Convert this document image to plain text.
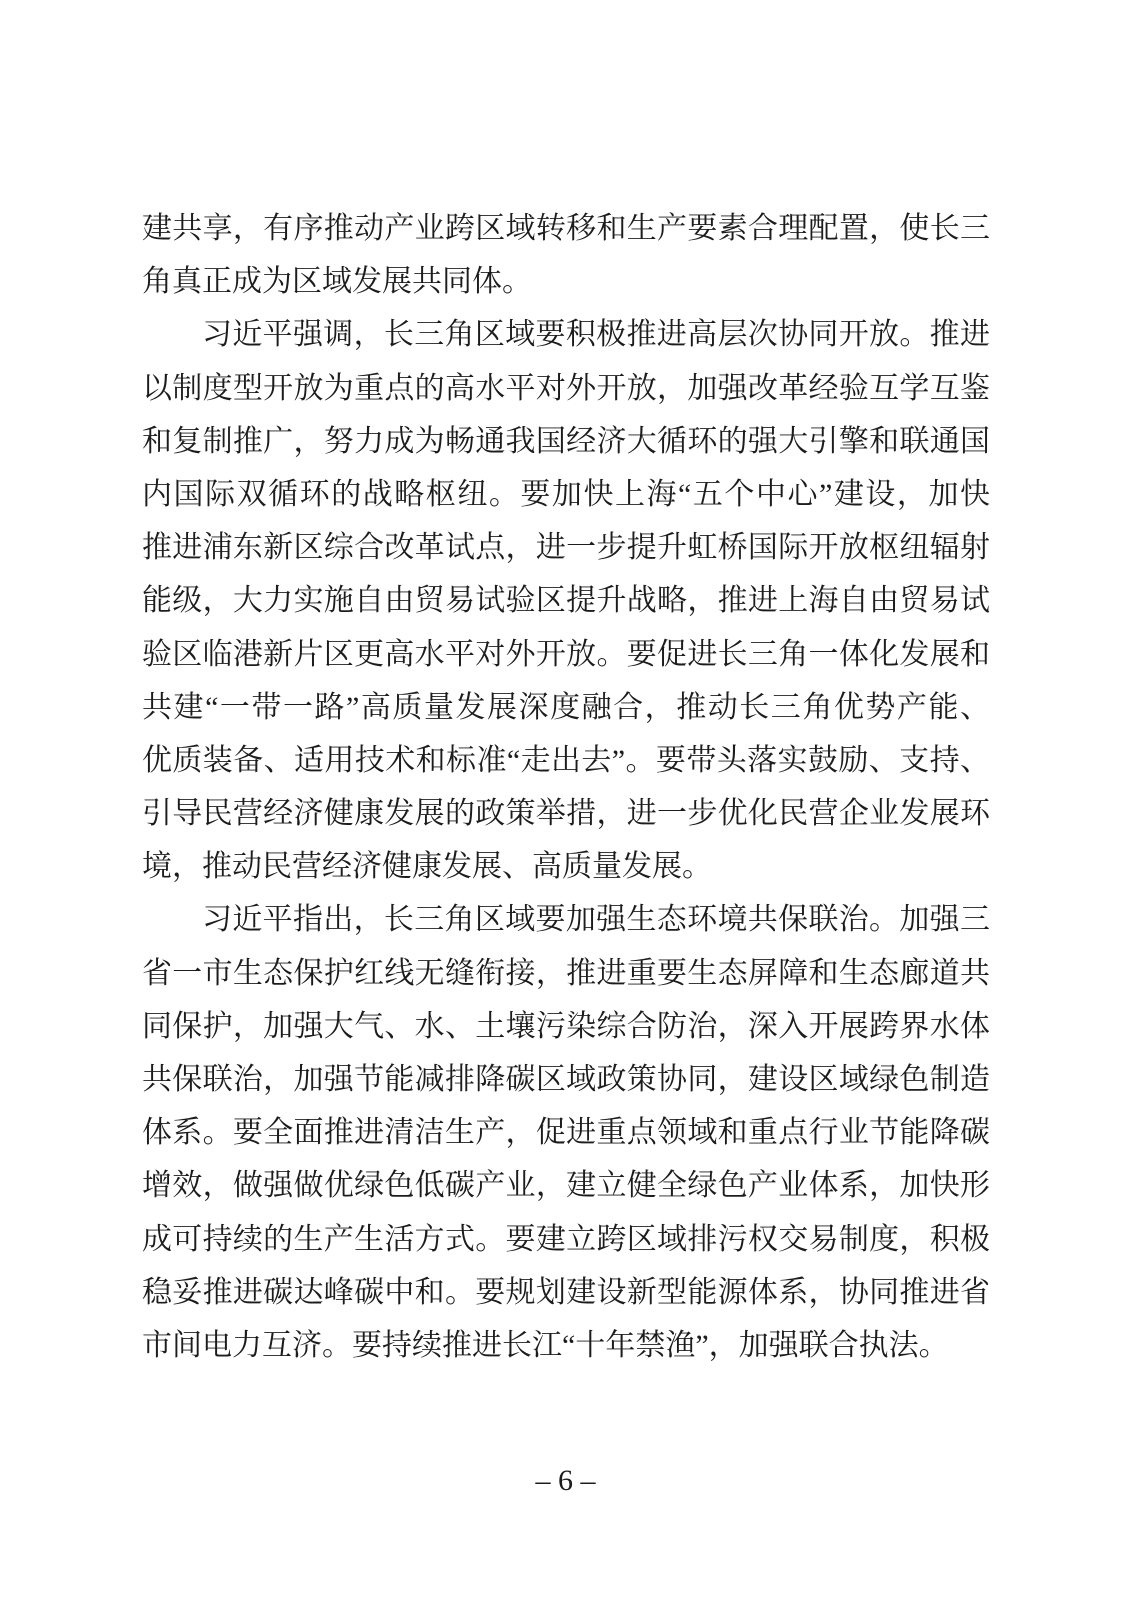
建共享，有序推动产业跨区域转移和生产要素合理配置，使长三
角真正成为区域发展共同体。
习近平强调，长三角区域要积极推进高层次协同开放。推进
以制度型开放为重点的高水平对外开放，加强改革经验互学互鉴
和复制推广，努力成为畅通我国经济大循环的强大引擎和联通国
内国际双循环的战略枢纽。要加快上海“五个中心”建设，加快
推进浦东新区综合改革试点，进一步提升虹桥国际开放枢纽辐射
能级，大力实施自由贸易试验区提升战略，推进上海自由贸易试
验区临港新片区更高水平对外开放。要促进长三角一体化发展和
共建“一带一路”高质量发展深度融合，推动长三角优势产能、
优质装备、适用技术和标准“走出去”。要带头落实鼓励、支持、
引导民营经济健康发展的政策举措，进一步优化民营企业发展环
境，推动民营经济健康发展、高质量发展。
习近平指出，长三角区域要加强生态环境共保联治。加强三
省一市生态保护红线无缝衔接，推进重要生态屏障和生态廊道共
同保护，加强大气、水、土壤污染综合防治，深入开展跨界水体
共保联治，加强节能减排降碳区域政策协同，建设区域绿色制造
体系。要全面推进清洁生产，促进重点领域和重点行业节能降碳
增效，做强做优绿色低碳产业，建立健全绿色产业体系，加快形
成可持续的生产生活方式。要建立跨区域排污权交易制度，积极
稳妥推进碳达峰碳中和。要规划建设新型能源体系，协同推进省
市间电力互济。要持续推进长江“十年禁渔”，加强联合执法。
– 6 –
